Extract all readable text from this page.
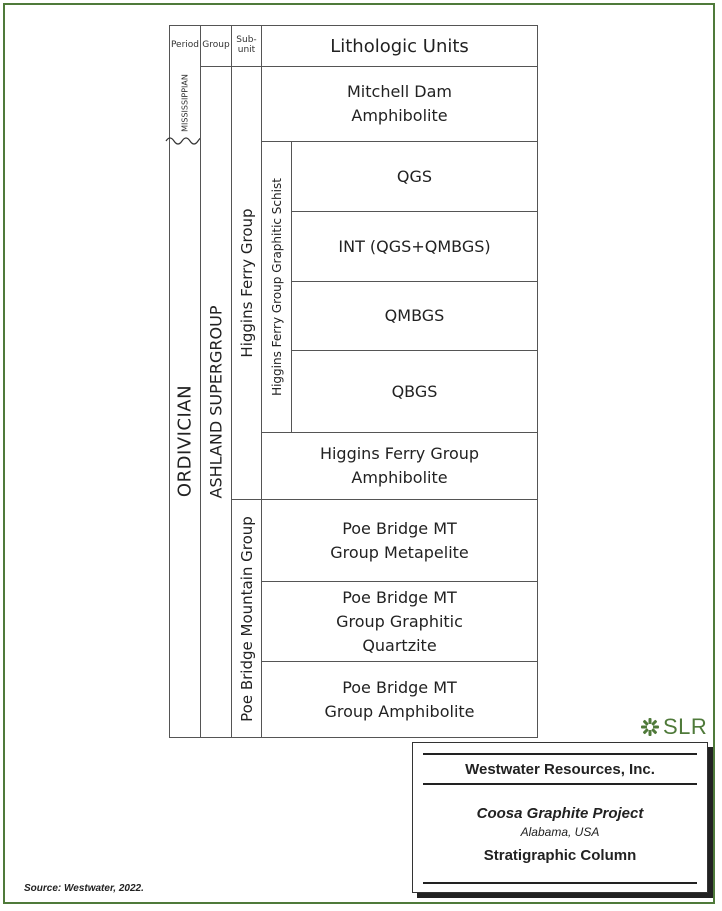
Period Group Sub-
unit	Lithologic Units
MISSISSIPPIAN
ORDIVICIAN ASHLAND SUPERGROUP
Higgins Ferry Group
Poe Bridge Mountain Group
Higgins Ferry Group Graphitic Schist
Mitchell Dam
Amphibolite
QGS
INT (QGS+QMBGS)
QMBGS
QBGS
Higgins Ferry Group
Amphibolite
Poe Bridge MT
Group Metapelite
Poe Bridge MT
Group Graphitic
Quartzite
Poe Bridge MT
Group Amphibolite
SLR
Westwater Resources, Inc.
Coosa Graphite Project
Alabama, USA
Stratigraphic Column
Source: Westwater, 2022.
